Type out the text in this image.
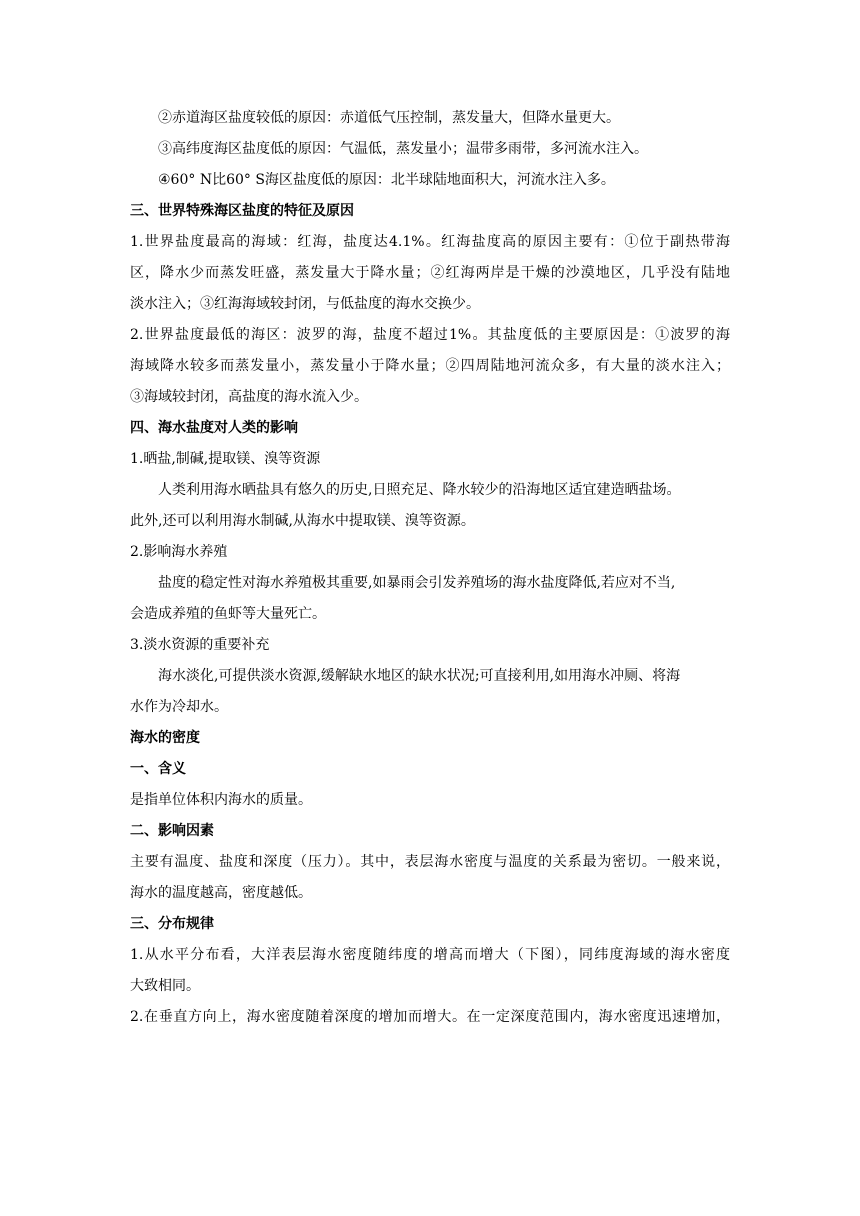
②赤道海区盐度较低的原因：赤道低气压控制，蒸发量大，但降水量更大。

③高纬度海区盐度低的原因：气温低，蒸发量小；温带多雨带，多河流水注入。

④60° N比60° S海区盐度低的原因：北半球陆地面积大，河流水注入多。

三、世界特殊海区盐度的特征及原因

1.世界盐度最高的海域：红海，盐度达4.1%。红海盐度高的原因主要有：①位于副热带海

区，降水少而蒸发旺盛，蒸发量大于降水量；②红海两岸是干燥的沙漠地区，几乎没有陆地

淡水注入；③红海海域较封闭，与低盐度的海水交换少。

2.世界盐度最低的海区：波罗的海，盐度不超过1%。其盐度低的主要原因是：①波罗的海

海域降水较多而蒸发量小，蒸发量小于降水量；②四周陆地河流众多，有大量的淡水注入；

③海域较封闭，高盐度的海水流入少。

四、海水盐度对人类的影响

1.晒盐,制碱,提取镁、溴等资源

人类利用海水晒盐具有悠久的历史,日照充足、降水较少的沿海地区适宜建造晒盐场。

此外,还可以利用海水制碱,从海水中提取镁、溴等资源。

2.影响海水养殖

盐度的稳定性对海水养殖极其重要,如暴雨会引发养殖场的海水盐度降低,若应对不当,

会造成养殖的鱼虾等大量死亡。

3.淡水资源的重要补充

海水淡化,可提供淡水资源,缓解缺水地区的缺水状况;可直接利用,如用海水冲厕、将海

水作为冷却水。

海水的密度

一、含义

是指单位体积内海水的质量。

二、影响因素

主要有温度、盐度和深度（压力）。其中，表层海水密度与温度的关系最为密切。一般来说，

海水的温度越高，密度越低。

三、分布规律

1.从水平分布看，大洋表层海水密度随纬度的增高而增大（下图），同纬度海域的海水密度

大致相同。

2.在垂直方向上，海水密度随着深度的增加而增大。在一定深度范围内，海水密度迅速增加，
